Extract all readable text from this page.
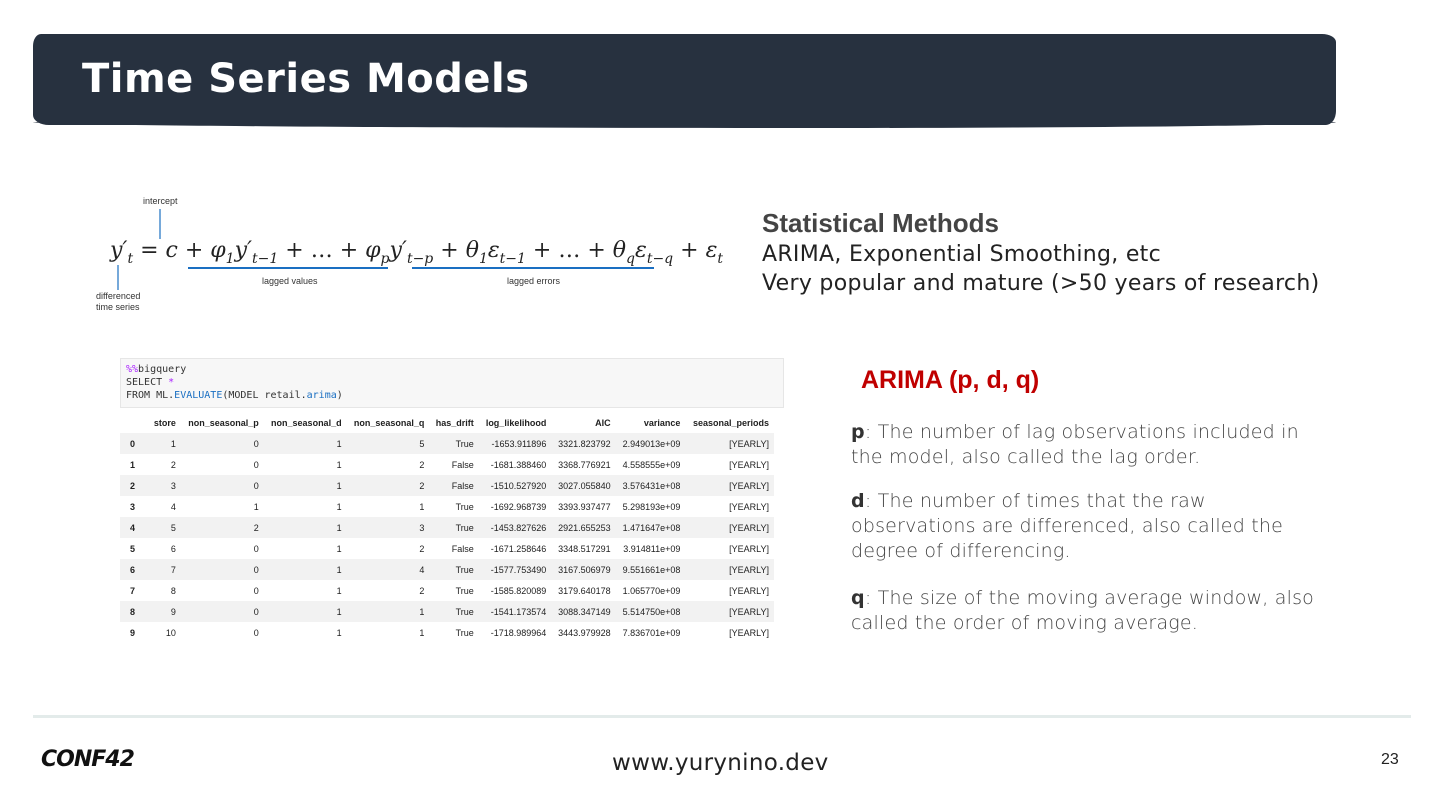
Time Series Models
intercept
$y'_t = c + \varphi_1y'_{t-1}$ + … + $\varphi_py'_{t-p} + \theta_1\varepsilon_{t-1}$ + … + $\theta_q\varepsilon_{t-q} + \varepsilon_t$
differenced
time series
lagged values	lagged errors
Statistical Methods
ARIMA, Exponential Smoothing, etc
Very popular and mature (>50 years of research)
%%bigquery
SELECT *
FROM ML.EVALUATE(MODEL retail.arima)
	store	non_seasonal_p	non_seasonal_d	non_seasonal_q	has_drift	log_likelihood	AIC	variance	seasonal_periods
0	1	0	1	5	True	-1653.911896	3321.823792	2.949013e+09	[YEARLY]
1	2	0	1	2	False	-1681.388460	3368.776921	4.558555e+09	[YEARLY]
2	3	0	1	2	False	-1510.527920	3027.055840	3.576431e+08	[YEARLY]
3	4	1	1	1	True	-1692.968739	3393.937477	5.298193e+09	[YEARLY]
4	5	2	1	3	True	-1453.827626	2921.655253	1.471647e+08	[YEARLY]
5	6	0	1	2	False	-1671.258646	3348.517291	3.914811e+09	[YEARLY]
6	7	0	1	4	True	-1577.753490	3167.506979	9.551661e+08	[YEARLY]
7	8	0	1	2	True	-1585.820089	3179.640178	1.065770e+09	[YEARLY]
8	9	0	1	1	True	-1541.173574	3088.347149	5.514750e+08	[YEARLY]
9	10	0	1	1	True	-1718.989964	3443.979928	7.836701e+09	[YEARLY]
ARIMA (p, d, q)
p: The number of lag observations included in the model, also called the lag order.
d: The number of times that the raw observations are differenced, also called the degree of differencing.
q: The size of the moving average window, also called the order of moving average.
CONF42	www.yurynino.dev	23
